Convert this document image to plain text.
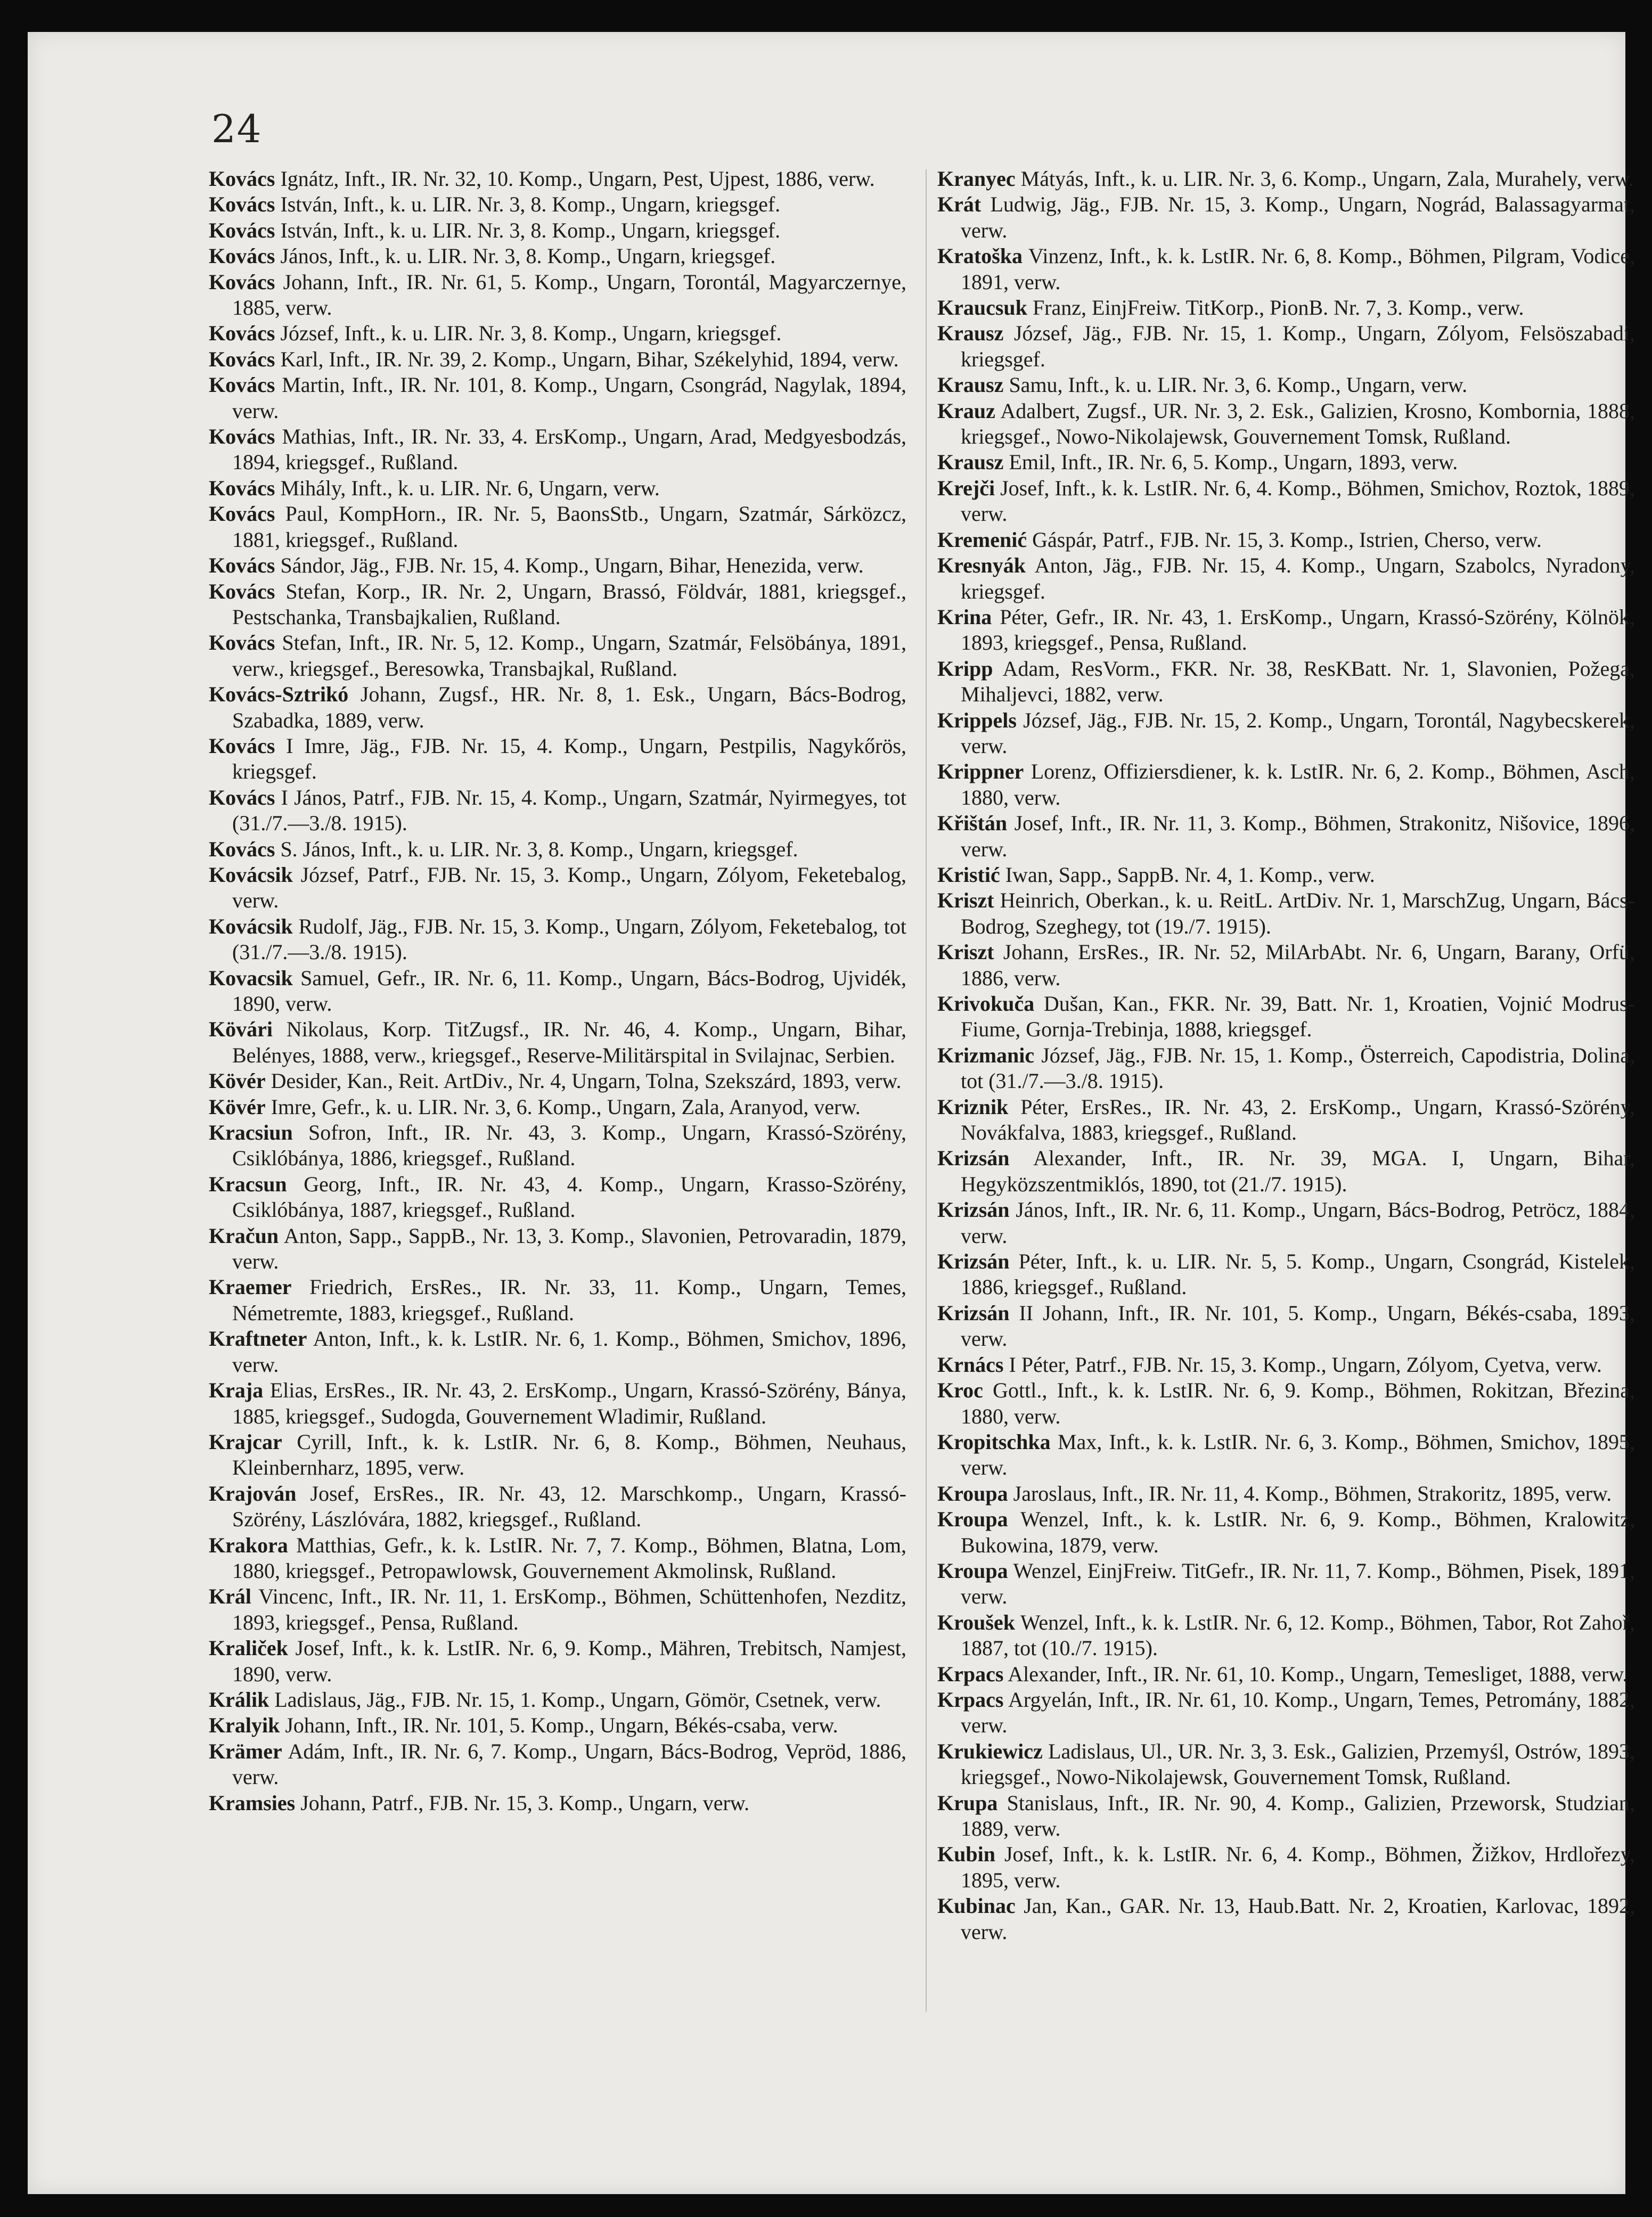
24
Kovács Ignátz, Inft., IR. Nr. 32, 10. Komp., Ungarn, Pest, Ujpest, 1886, verw.
Kovács István, Inft., k. u. LIR. Nr. 3, 8. Komp., Ungarn, kriegsgef.
Kovács István, Inft., k. u. LIR. Nr. 3, 8. Komp., Ungarn, kriegsgef.
Kovács János, Inft., k. u. LIR. Nr. 3, 8. Komp., Ungarn, kriegsgef.
Kovács Johann, Inft., IR. Nr. 61, 5. Komp., Ungarn, Torontál, Magyarczernye, 1885, verw.
Kovács József, Inft., k. u. LIR. Nr. 3, 8. Komp., Ungarn, kriegsgef.
Kovács Karl, Inft., IR. Nr. 39, 2. Komp., Ungarn, Bihar, Székelyhid, 1894, verw.
Kovács Martin, Inft., IR. Nr. 101, 8. Komp., Ungarn, Csongrád, Nagylak, 1894, verw.
Kovács Mathias, Inft., IR. Nr. 33, 4. ErsKomp., Ungarn, Arad, Medgyesbodzás, 1894, kriegsgef., Rußland.
Kovács Mihály, Inft., k. u. LIR. Nr. 6, Ungarn, verw.
Kovács Paul, KompHorn., IR. Nr. 5, BaonsStb., Ungarn, Szatmár, Sárközcz, 1881, kriegsgef., Rußland.
Kovács Sándor, Jäg., FJB. Nr. 15, 4. Komp., Ungarn, Bihar, Henezida, verw.
Kovács Stefan, Korp., IR. Nr. 2, Ungarn, Brassó, Földvár, 1881, kriegsgef., Pestschanka, Transbajkalien, Rußland.
Kovács Stefan, Inft., IR. Nr. 5, 12. Komp., Ungarn, Szatmár, Felsöbánya, 1891, verw., kriegsgef., Beresowka, Transbajkal, Rußland.
Kovács-Sztrikó Johann, Zugsf., HR. Nr. 8, 1. Esk., Ungarn, Bács-Bodrog, Szabadka, 1889, verw.
Kovács I Imre, Jäg., FJB. Nr. 15, 4. Komp., Ungarn, Pestpilis, Nagykőrös, kriegsgef.
Kovács I János, Patrf., FJB. Nr. 15, 4. Komp., Ungarn, Szatmár, Nyirmegyes, tot (31./7.—3./8. 1915).
Kovács S. János, Inft., k. u. LIR. Nr. 3, 8. Komp., Ungarn, kriegsgef.
Kovácsik József, Patrf., FJB. Nr. 15, 3. Komp., Ungarn, Zólyom, Feketebalog, verw.
Kovácsik Rudolf, Jäg., FJB. Nr. 15, 3. Komp., Ungarn, Zólyom, Feketebalog, tot (31./7.—3./8. 1915).
Kovacsik Samuel, Gefr., IR. Nr. 6, 11. Komp., Ungarn, Bács-Bodrog, Ujvidék, 1890, verw.
Kövári Nikolaus, Korp. TitZugsf., IR. Nr. 46, 4. Komp., Ungarn, Bihar, Belényes, 1888, verw., kriegsgef., Reserve-Militärspital in Svilajnac, Serbien.
Kövér Desider, Kan., Reit. ArtDiv., Nr. 4, Ungarn, Tolna, Szekszárd, 1893, verw.
Kövér Imre, Gefr., k. u. LIR. Nr. 3, 6. Komp., Ungarn, Zala, Aranyod, verw.
Kracsiun Sofron, Inft., IR. Nr. 43, 3. Komp., Ungarn, Krassó-Szörény, Csiklóbánya, 1886, kriegsgef., Rußland.
Kracsun Georg, Inft., IR. Nr. 43, 4. Komp., Ungarn, Krasso-Szörény, Csiklóbánya, 1887, kriegsgef., Rußland.
Kračun Anton, Sapp., SappB., Nr. 13, 3. Komp., Slavonien, Petrovaradin, 1879, verw.
Kraemer Friedrich, ErsRes., IR. Nr. 33, 11. Komp., Ungarn, Temes, Németremte, 1883, kriegsgef., Rußland.
Kraftneter Anton, Inft., k. k. LstIR. Nr. 6, 1. Komp., Böhmen, Smichov, 1896, verw.
Kraja Elias, ErsRes., IR. Nr. 43, 2. ErsKomp., Ungarn, Krassó-Szörény, Bánya, 1885, kriegsgef., Sudogda, Gouvernement Wladimir, Rußland.
Krajcar Cyrill, Inft., k. k. LstIR. Nr. 6, 8. Komp., Böhmen, Neuhaus, Kleinbernharz, 1895, verw.
Krajován Josef, ErsRes., IR. Nr. 43, 12. Marschkomp., Ungarn, Krassó- Szörény, Lászlóvára, 1882, kriegsgef., Rußland.
Krakora Matthias, Gefr., k. k. LstIR. Nr. 7, 7. Komp., Böhmen, Blatna, Lom, 1880, kriegsgef., Petropawlowsk, Gouvernement Akmolinsk, Rußland.
Král Vincenc, Inft., IR. Nr. 11, 1. ErsKomp., Böhmen, Schüttenhofen, Nezditz, 1893, kriegsgef., Pensa, Rußland.
Kraliček Josef, Inft., k. k. LstIR. Nr. 6, 9. Komp., Mähren, Trebitsch, Namjest, 1890, verw.
Králik Ladislaus, Jäg., FJB. Nr. 15, 1. Komp., Ungarn, Gömör, Csetnek, verw.
Kralyik Johann, Inft., IR. Nr. 101, 5. Komp., Ungarn, Békés-csaba, verw.
Krämer Adám, Inft., IR. Nr. 6, 7. Komp., Ungarn, Bács-Bodrog, Vepröd, 1886, verw.
Kramsies Johann, Patrf., FJB. Nr. 15, 3. Komp., Ungarn, verw.
Kranyec Mátyás, Inft., k. u. LIR. Nr. 3, 6. Komp., Ungarn, Zala, Murahely, verw.
Krát Ludwig, Jäg., FJB. Nr. 15, 3. Komp., Ungarn, Nográd, Balassagyarmat, verw.
Kratoška Vinzenz, Inft., k. k. LstIR. Nr. 6, 8. Komp., Böhmen, Pilgram, Vodice, 1891, verw.
Kraucsuk Franz, EinjFreiw. TitKorp., PionB. Nr. 7, 3. Komp., verw.
Krausz József, Jäg., FJB. Nr. 15, 1. Komp., Ungarn, Zólyom, Felsöszabadi, kriegsgef.
Krausz Samu, Inft., k. u. LIR. Nr. 3, 6. Komp., Ungarn, verw.
Krauz Adalbert, Zugsf., UR. Nr. 3, 2. Esk., Galizien, Krosno, Kombornia, 1888, kriegsgef., Nowo-Nikolajewsk, Gouvernement Tomsk, Rußland.
Krausz Emil, Inft., IR. Nr. 6, 5. Komp., Ungarn, 1893, verw.
Krejči Josef, Inft., k. k. LstIR. Nr. 6, 4. Komp., Böhmen, Smichov, Roztok, 1889, verw.
Kremenić Gáspár, Patrf., FJB. Nr. 15, 3. Komp., Istrien, Cherso, verw.
Kresnyák Anton, Jäg., FJB. Nr. 15, 4. Komp., Ungarn, Szabolcs, Nyradony, kriegsgef.
Krina Péter, Gefr., IR. Nr. 43, 1. ErsKomp., Ungarn, Krassó-Szörény, Kölnök, 1893, kriegsgef., Pensa, Rußland.
Kripp Adam, ResVorm., FKR. Nr. 38, ResKBatt. Nr. 1, Slavonien, Požega, Mihaljevci, 1882, verw.
Krippels József, Jäg., FJB. Nr. 15, 2. Komp., Ungarn, Torontál, Nagybecskerek, verw.
Krippner Lorenz, Offiziersdiener, k. k. LstIR. Nr. 6, 2. Komp., Böhmen, Asch, 1880, verw.
Křištán Josef, Inft., IR. Nr. 11, 3. Komp., Böhmen, Strakonitz, Nišovice, 1896, verw.
Kristić Iwan, Sapp., SappB. Nr. 4, 1. Komp., verw.
Kriszt Heinrich, Oberkan., k. u. ReitL. ArtDiv. Nr. 1, MarschZug, Ungarn, Bács-Bodrog, Szeghegy, tot (19./7. 1915).
Kriszt Johann, ErsRes., IR. Nr. 52, MilArbAbt. Nr. 6, Ungarn, Barany, Orfü, 1886, verw.
Krivokuča Dušan, Kan., FKR. Nr. 39, Batt. Nr. 1, Kroatien, Vojnić Modrus-Fiume, Gornja-Trebinja, 1888, kriegsgef.
Krizmanic József, Jäg., FJB. Nr. 15, 1. Komp., Österreich, Capodistria, Dolina, tot (31./7.—3./8. 1915).
Kriznik Péter, ErsRes., IR. Nr. 43, 2. ErsKomp., Ungarn, Krassó-Szörény, Novákfalva, 1883, kriegsgef., Rußland.
Krizsán Alexander, Inft., IR. Nr. 39, MGA. I, Ungarn, Bihar, Hegyközszentmiklós, 1890, tot (21./7. 1915).
Krizsán János, Inft., IR. Nr. 6, 11. Komp., Ungarn, Bács-Bodrog, Petröcz, 1884, verw.
Krizsán Péter, Inft., k. u. LIR. Nr. 5, 5. Komp., Ungarn, Csongrád, Kistelek, 1886, kriegsgef., Rußland.
Krizsán II Johann, Inft., IR. Nr. 101, 5. Komp., Ungarn, Békés-csaba, 1893, verw.
Krnács I Péter, Patrf., FJB. Nr. 15, 3. Komp., Ungarn, Zólyom, Cyetva, verw.
Kroc Gottl., Inft., k. k. LstIR. Nr. 6, 9. Komp., Böhmen, Rokitzan, Březina, 1880, verw.
Kropitschka Max, Inft., k. k. LstIR. Nr. 6, 3. Komp., Böhmen, Smichov, 1895, verw.
Kroupa Jaroslaus, Inft., IR. Nr. 11, 4. Komp., Böhmen, Strakoritz, 1895, verw.
Kroupa Wenzel, Inft., k. k. LstIR. Nr. 6, 9. Komp., Böhmen, Kralowitz, Bukowina, 1879, verw.
Kroupa Wenzel, EinjFreiw. TitGefr., IR. Nr. 11, 7. Komp., Böhmen, Pisek, 1891, verw.
Kroušek Wenzel, Inft., k. k. LstIR. Nr. 6, 12. Komp., Böhmen, Tabor, Rot Zahoř, 1887, tot (10./7. 1915).
Krpacs Alexander, Inft., IR. Nr. 61, 10. Komp., Ungarn, Temesliget, 1888, verw.
Krpacs Argyelán, Inft., IR. Nr. 61, 10. Komp., Ungarn, Temes, Petromány, 1882, verw.
Krukiewicz Ladislaus, Ul., UR. Nr. 3, 3. Esk., Galizien, Przemyśl, Ostrów, 1893, kriegsgef., Nowo-Nikolajewsk, Gouvernement Tomsk, Rußland.
Krupa Stanislaus, Inft., IR. Nr. 90, 4. Komp., Galizien, Przeworsk, Studzian, 1889, verw.
Kubin Josef, Inft., k. k. LstIR. Nr. 6, 4. Komp., Böhmen, Žižkov, Hrdlořezy, 1895, verw.
Kubinac Jan, Kan., GAR. Nr. 13, Haub.Batt. Nr. 2, Kroatien, Karlovac, 1892, verw.
